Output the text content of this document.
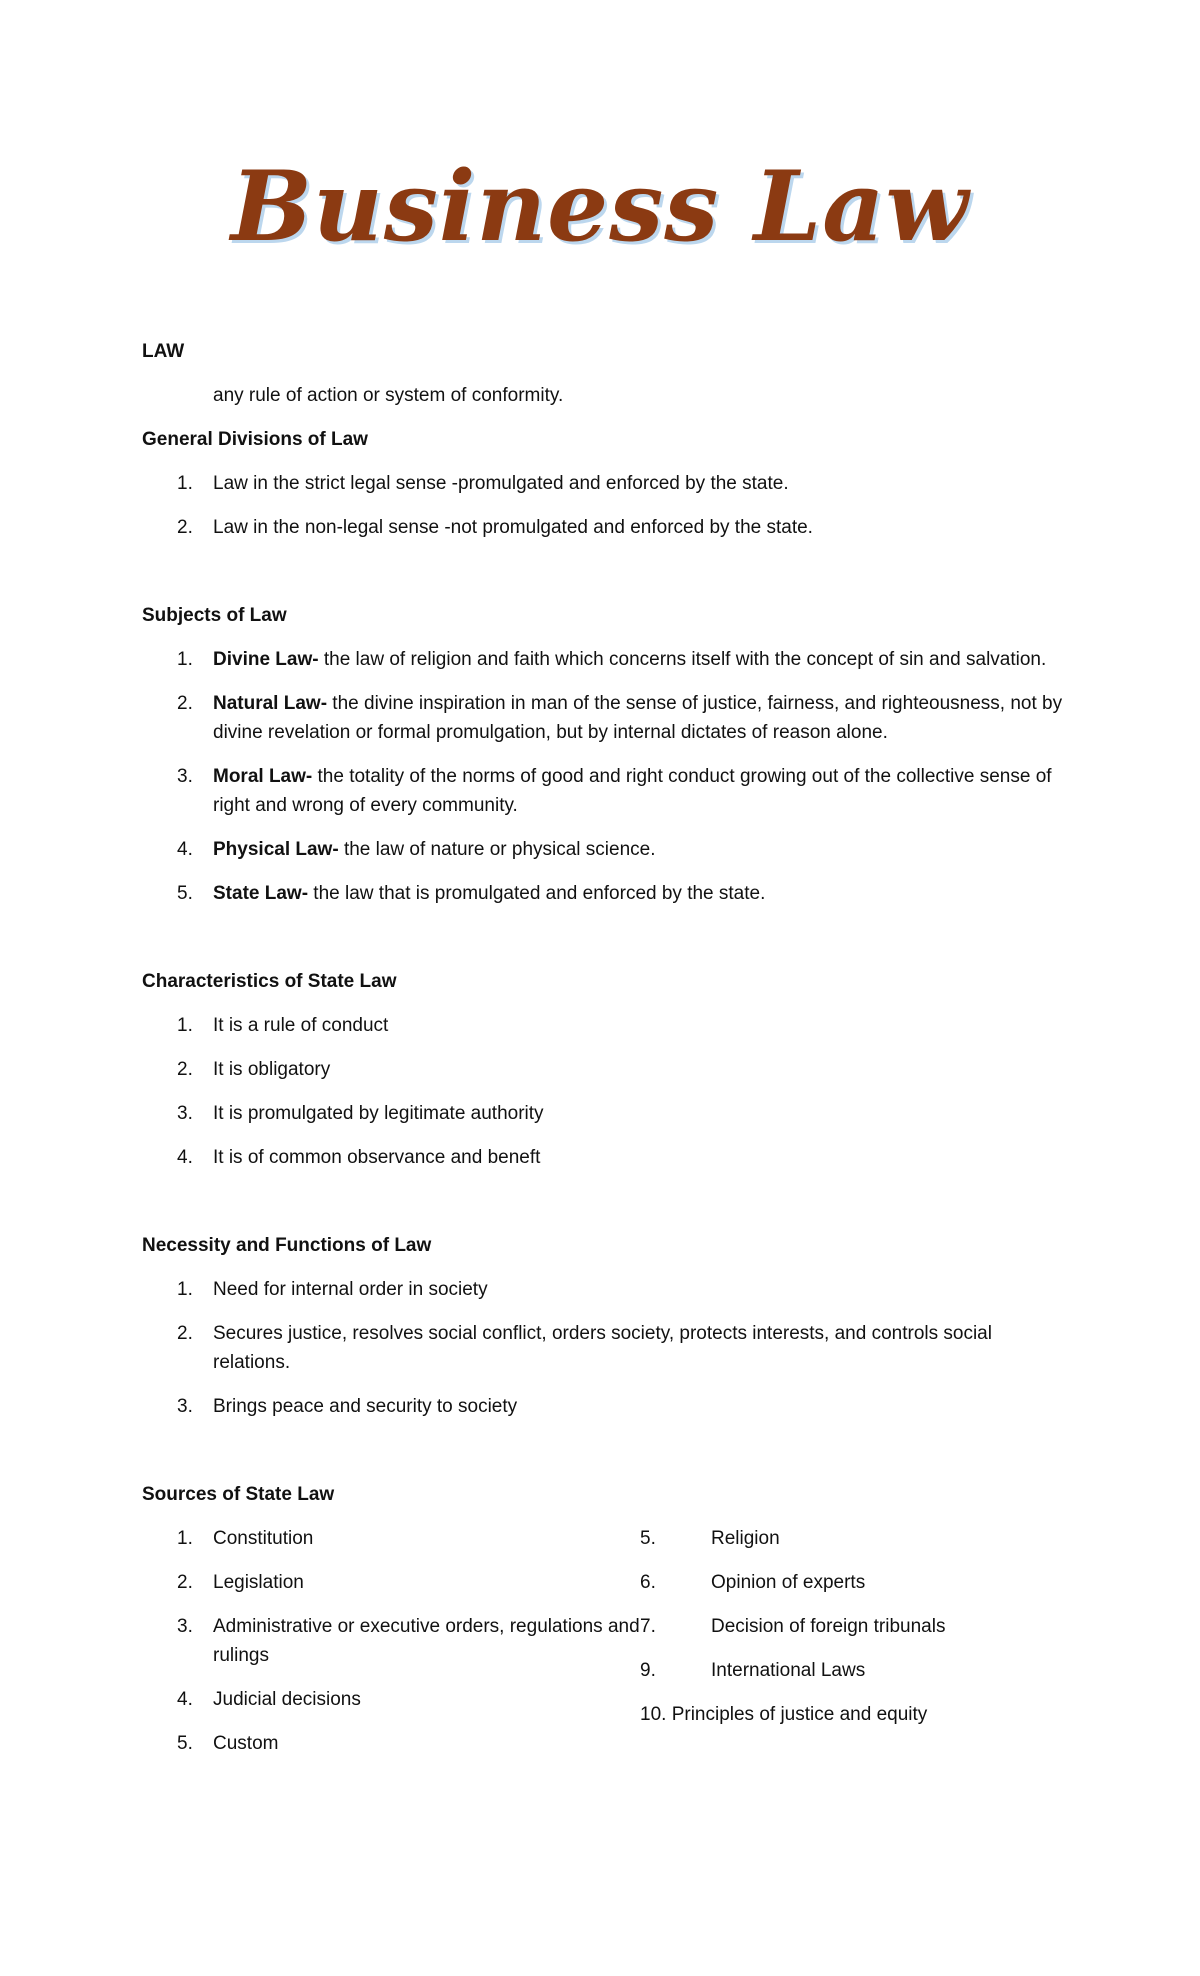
Business Law
LAW
any rule of action or system of conformity.
General Divisions of Law
1. Law in the strict legal sense -promulgated and enforced by the state.
2. Law in the non-legal sense -not promulgated and enforced by the state.
Subjects of Law
1. Divine Law- the law of religion and faith which concerns itself with the concept of sin and salvation.
2. Natural Law- the divine inspiration in man of the sense of justice, fairness, and righteousness, not by divine revelation or formal promulgation, but by internal dictates of reason alone.
3. Moral Law- the totality of the norms of good and right conduct growing out of the collective sense of right and wrong of every community.
4. Physical Law- the law of nature or physical science.
5. State Law- the law that is promulgated and enforced by the state.
Characteristics of State Law
1. It is a rule of conduct
2. It is obligatory
3. It is promulgated by legitimate authority
4. It is of common observance and beneft
Necessity and Functions of Law
1. Need for internal order in society
2. Secures justice, resolves social conflict, orders society, protects interests, and controls social relations.
3. Brings peace and security to society
Sources of State Law
1. Constitution
2. Legislation
3. Administrative or executive orders, regulations and rulings
4. Judicial decisions
5. Custom
5.	Religion
6.	Opinion of experts
7.	Decision of foreign tribunals
9.	International Laws
10. Principles of justice and equity
